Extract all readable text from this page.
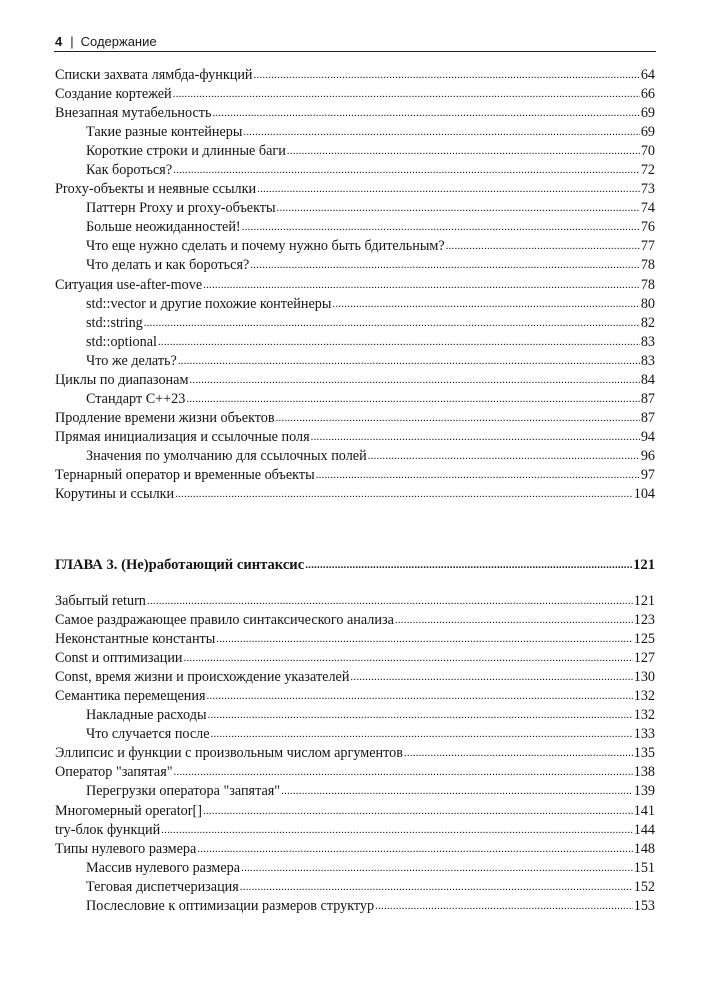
4 | Содержание
Списки захвата лямбда-функций .....	64
Создание кортежей .....	66
Внезапная мутабельность .....	69
Такие разные контейнеры .....	69
Короткие строки и длинные баги .....	70
Как бороться? .....	72
Proxy-объекты и неявные ссылки .....	73
Паттерн Proxy и proxy-объекты .....	74
Больше неожиданностей! .....	76
Что еще нужно сделать и почему нужно быть бдительным? .....	77
Что делать и как бороться? .....	78
Ситуация use-after-move .....	78
std::vector и другие похожие контейнеры .....	80
std::string .....	82
std::optional .....	83
Что же делать? .....	83
Циклы по диапазонам .....	84
Стандарт С++23 .....	87
Продление времени жизни объектов .....	87
Прямая инициализация и ссылочные поля .....	94
Значения по умолчанию для ссылочных полей .....	96
Тернарный оператор и временные объекты .....	97
Корутины и ссылки .....	104
ГЛАВА 3. (Не)работающий синтаксис .....	121
Забытый return .....	121
Самое раздражающее правило синтаксического анализа .....	123
Неконстантные константы .....	125
Const и оптимизации .....	127
Const, время жизни и происхождение указателей .....	130
Семантика перемещения .....	132
Накладные расходы .....	132
Что случается после .....	133
Эллипсис и функции с произвольным числом аргументов .....	135
Оператор "запятая" .....	138
Перегрузки оператора "запятая" .....	139
Многомерный operator[] .....	141
try-блок функций .....	144
Типы нулевого размера .....	148
Массив нулевого размера .....	151
Теговая диспетчеризация .....	152
Послесловие к оптимизации размеров структур .....	153
